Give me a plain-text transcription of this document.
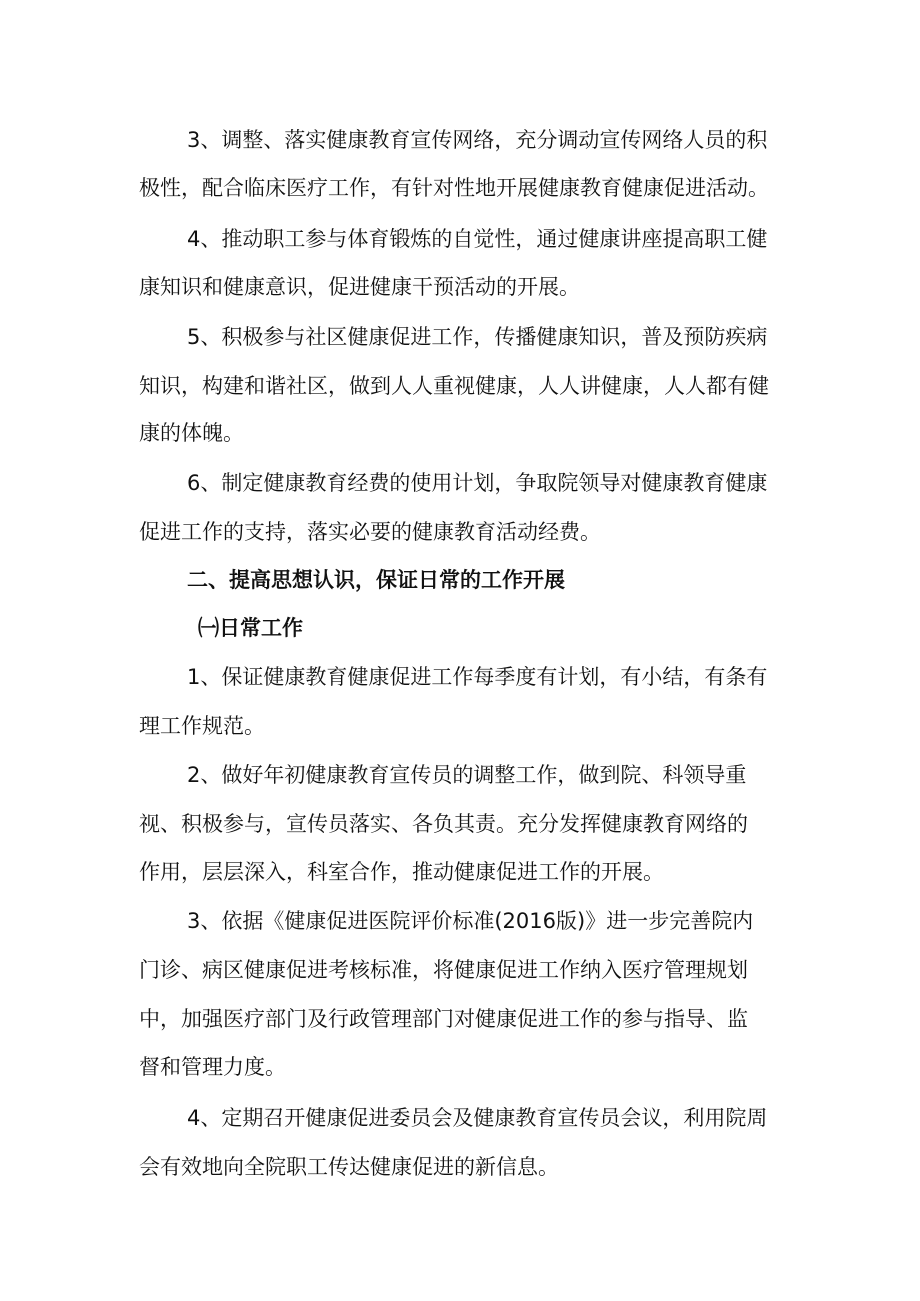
3、调整、落实健康教育宣传网络，充分调动宣传网络人员的积

极性，配合临床医疗工作，有针对性地开展健康教育健康促进活动。

4、推动职工参与体育锻炼的自觉性，通过健康讲座提高职工健

康知识和健康意识，促进健康干预活动的开展。

5、积极参与社区健康促进工作，传播健康知识，普及预防疾病

知识，构建和谐社区，做到人人重视健康，人人讲健康，人人都有健

康的体魄。

6、制定健康教育经费的使用计划，争取院领导对健康教育健康

促进工作的支持，落实必要的健康教育活动经费。

二、提高思想认识，保证日常的工作开展

㈠日常工作

1、保证健康教育健康促进工作每季度有计划，有小结，有条有

理工作规范。

2、做好年初健康教育宣传员的调整工作，做到院、科领导重

视、积极参与，宣传员落实、各负其责。充分发挥健康教育网络的

作用，层层深入，科室合作，推动健康促进工作的开展。

3、依据《健康促进医院评价标准(2016版)》进一步完善院内

门诊、病区健康促进考核标准，将健康促进工作纳入医疗管理规划

中，加强医疗部门及行政管理部门对健康促进工作的参与指导、监

督和管理力度。

4、定期召开健康促进委员会及健康教育宣传员会议，利用院周

会有效地向全院职工传达健康促进的新信息。
